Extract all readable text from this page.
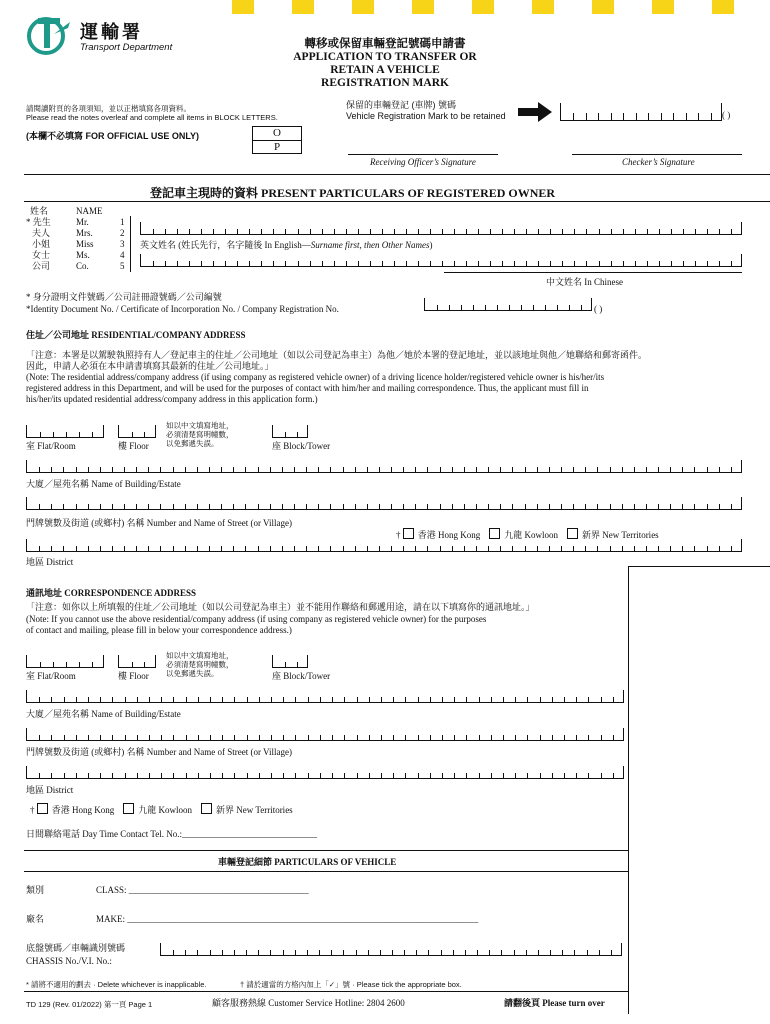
運輸署
Transport Department	轉移或保留車輛登記號碼申請書
APPLICATION TO TRANSFER OR
RETAIN A VEHICLE
REGISTRATION MARK
請閱讀附頁的各項須知，並以正楷填寫各項資料。
Please read the notes overleaf and complete all items in BLOCK LETTERS.
保留的車輛登記 (車牌) 號碼
Vehicle Registration Mark to be retained	( )
(本欄不必填寫 FOR OFFICIAL USE ONLY)	O
P
Receiving Officer’s Signature	Checker’s Signature
登記車主現時的資料 PRESENT PARTICULARS OF REGISTERED OWNER
姓名	NAME
* 先生	Mr.	1
夫人	Mrs.	2
小姐	Miss	3
女士	Ms.	4
公司	Co.	5
英文姓名 (姓氏先行，名字隨後 In English—Surname first, then Other Names)
中文姓名 In Chinese
* 身分證明文件號碼／公司註冊證號碼／公司編號
*Identity Document No. / Certificate of Incorporation No. / Company Registration No.	( )
住址／公司地址 RESIDENTIAL/COMPANY ADDRESS
「注意：本署是以駕駛執照持有人／登記車主的住址／公司地址（如以公司登記為車主）為他／她於本署的登記地址，並以該地址與他／她聯絡和郵寄函件。
因此，申請人必須在本申請書填寫其最新的住址／公司地址。」
(Note: The residential address/company address (if using company as registered vehicle owner) of a driving licence holder/registered vehicle owner is his/her/its
registered address in this Department, and will be used for the purposes of contact with him/her and mailing correspondence. Thus, the applicant must fill in
his/her/its updated residential address/company address in this application form.)
如以中文填寫地址，
必須清楚寫明幢數，
以免郵遞失誤。
室 Flat/Room	樓 Floor	座 Block/Tower
大廈／屋苑名稱 Name of Building/Estate
門牌號數及街道 (或鄉村) 名稱 Number and Name of Street (or Village)
† 香港 Hong Kong	九龍 Kowloon	新界 New Territories
地區 District
通訊地址 CORRESPONDENCE ADDRESS
「注意：如你以上所填報的住址／公司地址（如以公司登記為車主）並不能用作聯絡和郵遞用途，請在以下填寫你的通訊地址。」
(Note: If you cannot use the above residential/company address (if using company as registered vehicle owner) for the purposes
of contact and mailing, please fill in below your correspondence address.)
如以中文填寫地址，
必須清楚寫明幢數，
以免郵遞失誤。
室 Flat/Room	樓 Floor	座 Block/Tower
大廈／屋苑名稱 Name of Building/Estate
門牌號數及街道 (或鄉村) 名稱 Number and Name of Street (or Village)
地區 District
† 香港 Hong Kong	九龍 Kowloon	新界 New Territories
日間聯絡電話 Day Time Contact Tel. No.:______________________________
車輛登記細節 PARTICULARS OF VEHICLE
類別	CLASS: ________________________________________
廠名	MAKE: ______________________________________________________________________________
底盤號碼／車輛識別號碼
CHASSIS No./V.I. No.:
* 請將不適用的劃去 · Delete whichever is inapplicable.	† 請於適當的方格內加上「✓」號 · Please tick the appropriate box.
TD 129 (Rev. 01/2022) 第一頁 Page 1	顧客服務熱線 Customer Service Hotline: 2804 2600	請翻後頁 Please turn over
